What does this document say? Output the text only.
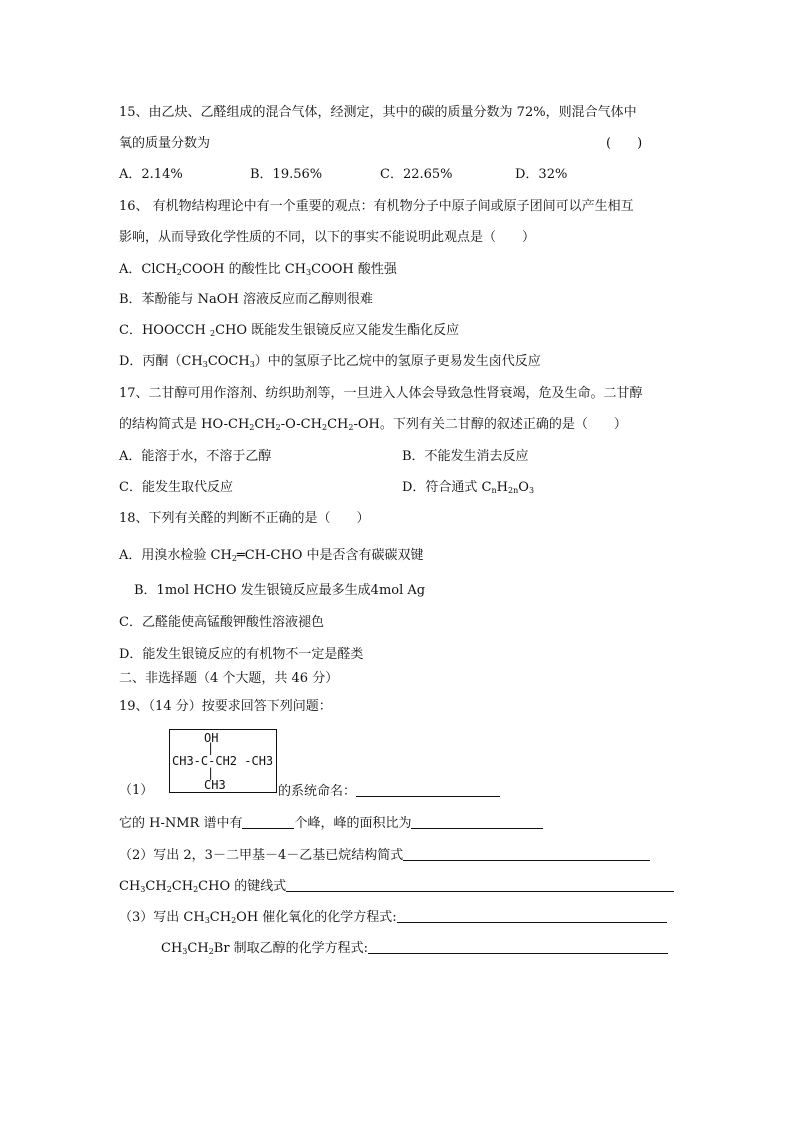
15、由乙炔、乙醛组成的混合气体，经测定，其中的碳的质量分数为 72%，则混合气体中
氧的质量分数为	(　　)
A．2.14%	B．19.56%	C．22.65%	D．32%
16、 有机物结构理论中有一个重要的观点：有机物分子中原子间或原子团间可以产生相互
影响，从而导致化学性质的不同，以下的事实不能说明此观点是（　　）
A．ClCH$_2$COOH 的酸性比 $CH_3COOH$ 酸性强
B．苯酚能与 NaOH 溶液反应而乙醇则很难
C．HOOCCH $_2$CHO 既能发生银镜反应又能发生酯化反应
D．丙酮$(CH_3COCH_3)$中的氢原子比乙烷中的氢原子更易发生卤代反应
17、二甘醇可用作溶剂、纺织助剂等，一旦进入人体会导致急性肾衰竭，危及生命。二甘醇
的结构简式是 $HO-CH_2CH_2-O-CH_2CH_2-OH$。下列有关二甘醇的叙述正确的是（　　）
A．能溶于水，不溶于乙醇	B．不能发生消去反应
C．能发生取代反应	D．符合通式 $C_nH_{2n}O_3$
18、下列有关醛的判断不正确的是（　　）
A．用溴水检验 $CH_2═CH$-CHO 中是否含有碳碳双键
B．1mol HCHO 发生银镜反应最多生成4mol Ag
C．乙醛能使高锰酸钾酸性溶液褪色
D．能发生银镜反应的有机物不一定是醛类
二、非选择题（4 个大题，共 46 分）
19、（14 分）按要求回答下列问题：
OH
|
CH3-C-CH2 -CH3
|
CH3
（1）	的系统命名：
它的 H-NMR 谱中有	个峰，峰的面积比为
（2）写出 2，3－二甲基－4－乙基已烷结构简式
$CH_3CH_2CH_2CHO$ 的键线式
（3）写出 $CH_3CH_2OH$ 催化氧化的化学方程式:
$CH_3CH_2Br$ 制取乙醇的化学方程式:
